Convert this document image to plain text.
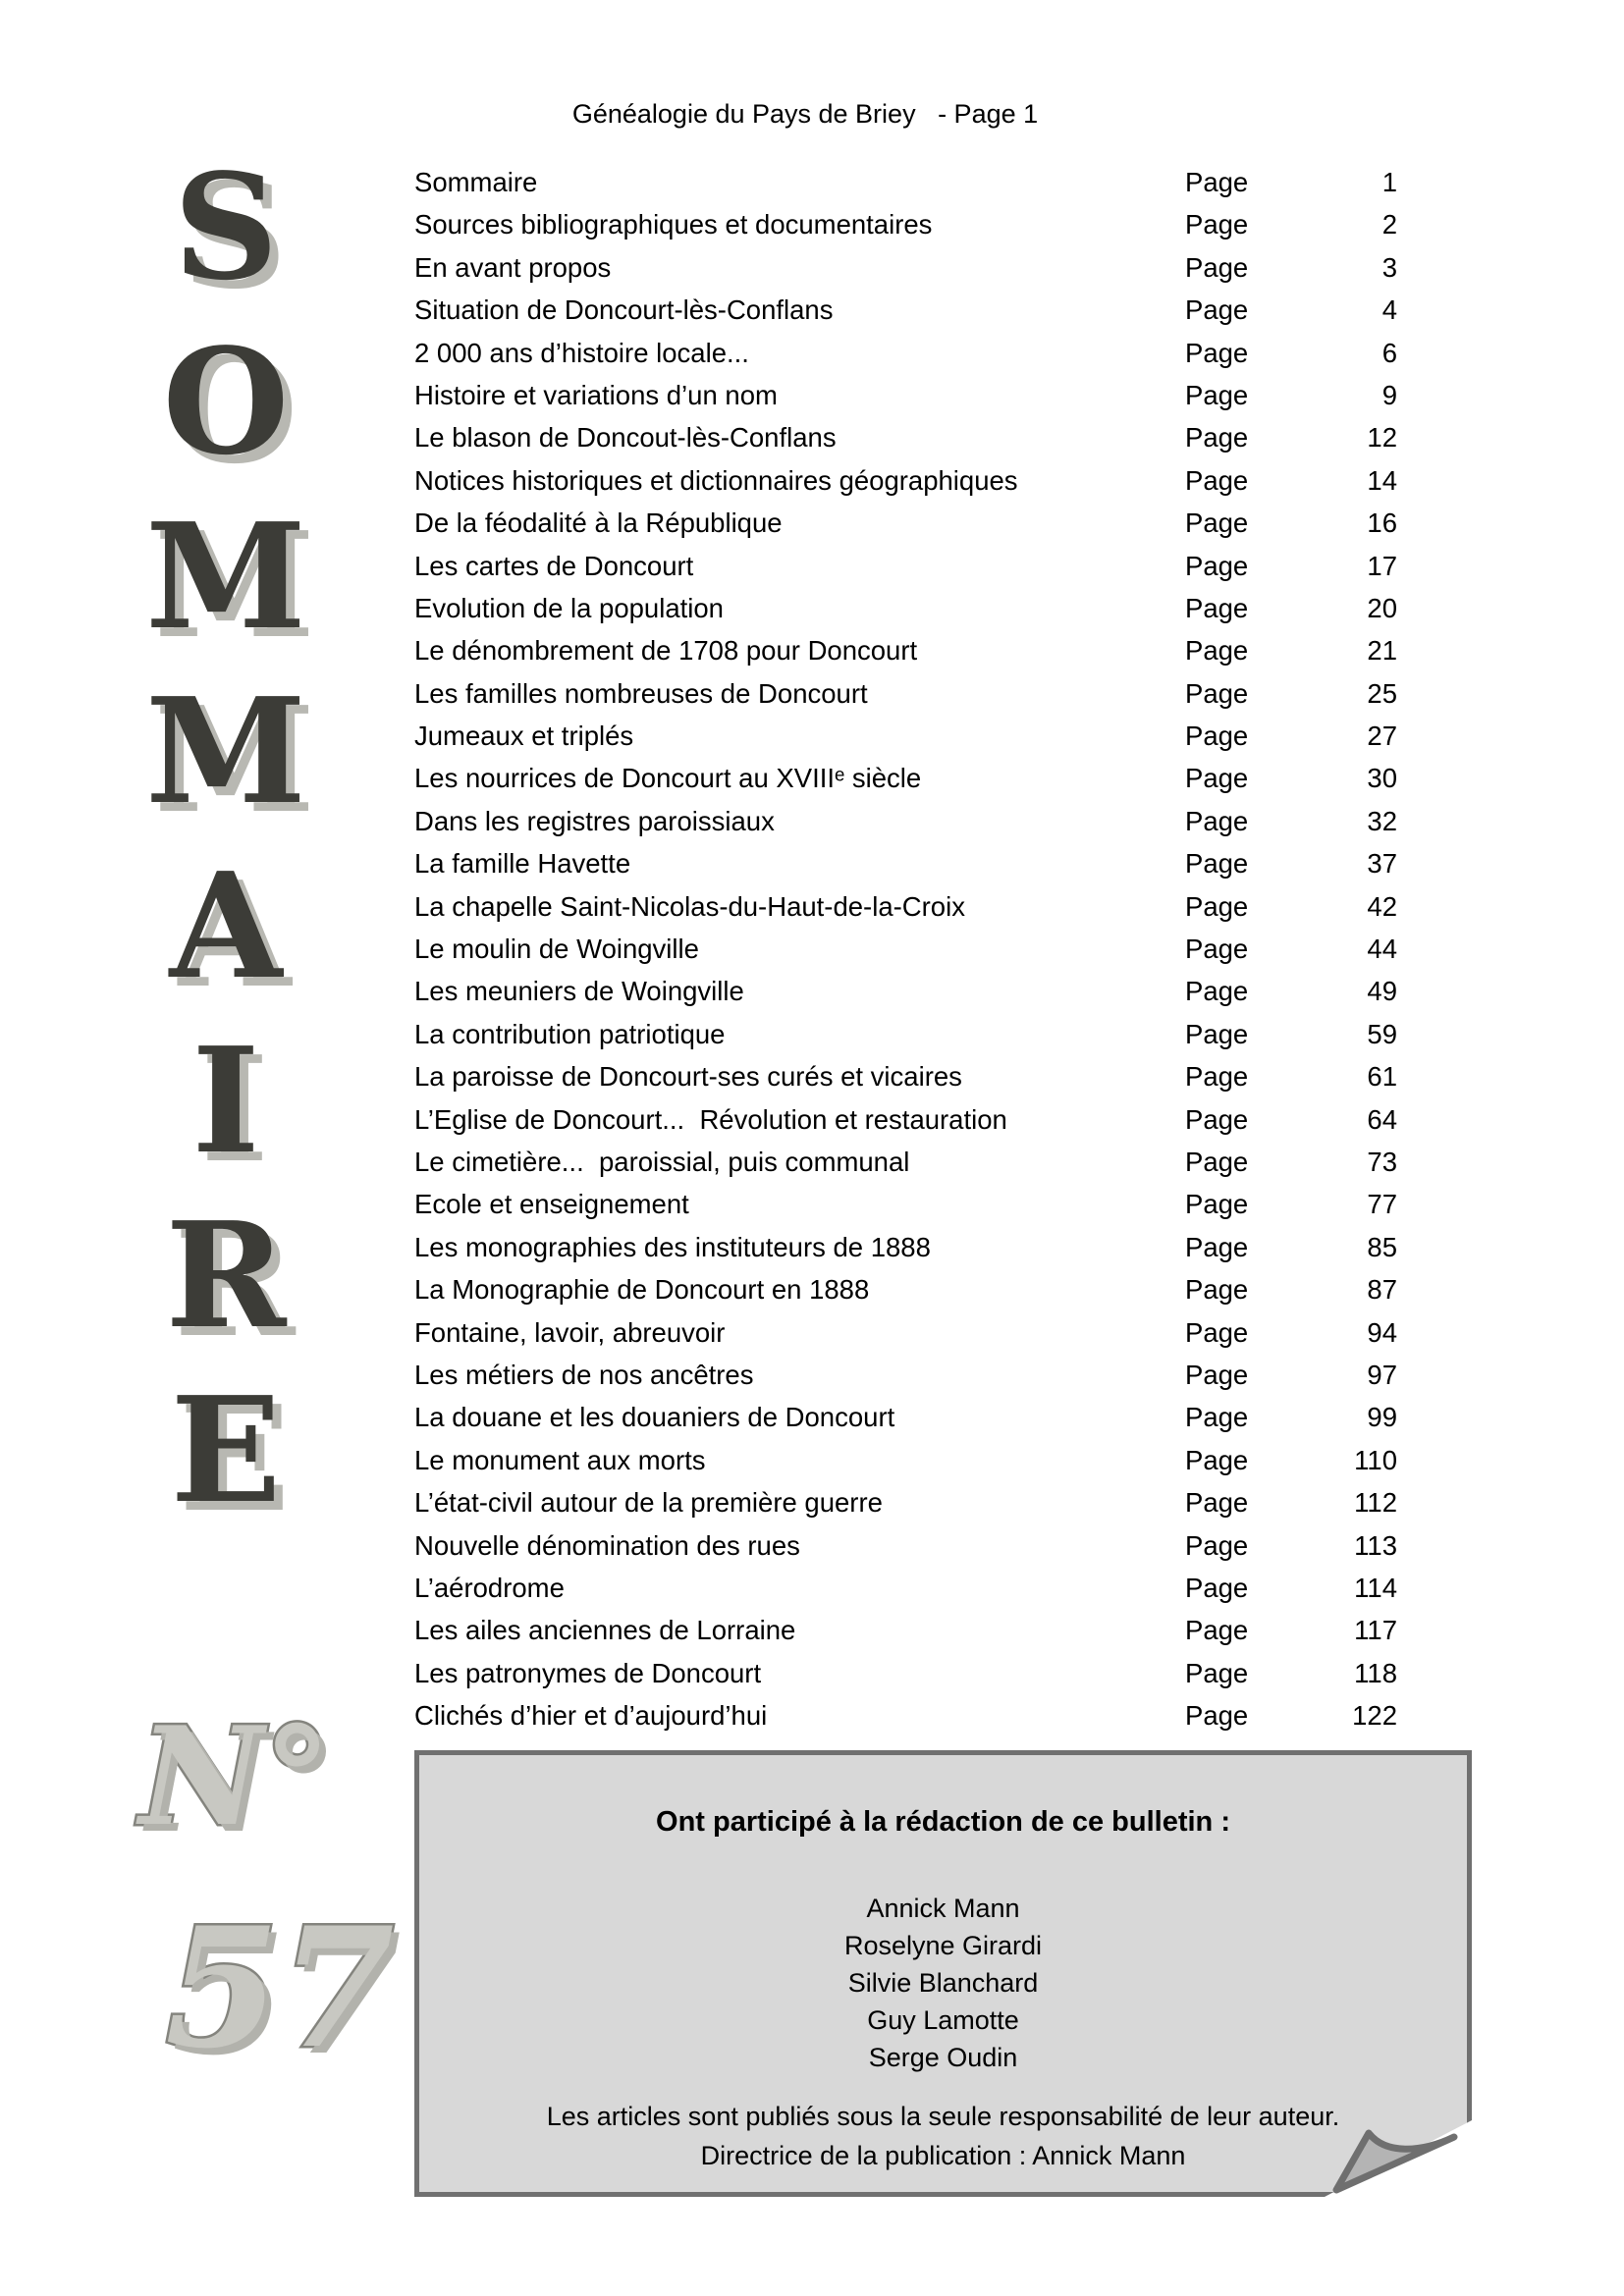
Généalogie du Pays de Briey   - Page 1
S
O
M
M
A
I
R
E
N°
57
Sommaire	Page	1
Sources bibliographiques et documentaires	Page	2
En avant propos	Page	3
Situation de Doncourt-lès-Conflans	Page	4
2 000 ans d’histoire locale...	Page	6
Histoire et variations d’un nom	Page	9
Le blason de Doncout-lès-Conflans	Page	12
Notices historiques et dictionnaires géographiques	Page	14
De la féodalité à la République	Page	16
Les cartes de Doncourt	Page	17
Evolution de la population	Page	20
Le dénombrement de 1708 pour Doncourt	Page	21
Les familles nombreuses de Doncourt	Page	25
Jumeaux et triplés	Page	27
Les nourrices de Doncourt au XVIIIᵉ siècle	Page	30
Dans les registres paroissiaux	Page	32
La famille Havette	Page	37
La chapelle Saint-Nicolas-du-Haut-de-la-Croix	Page	42
Le moulin de Woingville	Page	44
Les meuniers de Woingville	Page	49
La contribution patriotique	Page	59
La paroisse de Doncourt-ses curés et vicaires	Page	61
L’Eglise de Doncourt...  Révolution et restauration	Page	64
Le cimetière...  paroissial, puis communal	Page	73
Ecole et enseignement	Page	77
Les monographies des instituteurs de 1888	Page	85
La Monographie de Doncourt en 1888	Page	87
Fontaine, lavoir, abreuvoir	Page	94
Les métiers de nos ancêtres	Page	97
La douane et les douaniers de Doncourt	Page	99
Le monument aux morts	Page	110
L’état-civil autour de la première guerre	Page	112
Nouvelle dénomination des rues	Page	113
L’aérodrome	Page	114
Les ailes anciennes de Lorraine	Page	117
Les patronymes de Doncourt	Page	118
Clichés d’hier et d’aujourd’hui	Page	122
Ont participé à la rédaction de ce bulletin :
Annick Mann
Roselyne Girardi
Silvie Blanchard
Guy Lamotte
Serge Oudin
Les articles sont publiés sous la seule responsabilité de leur auteur.
Directrice de la publication : Annick Mann
